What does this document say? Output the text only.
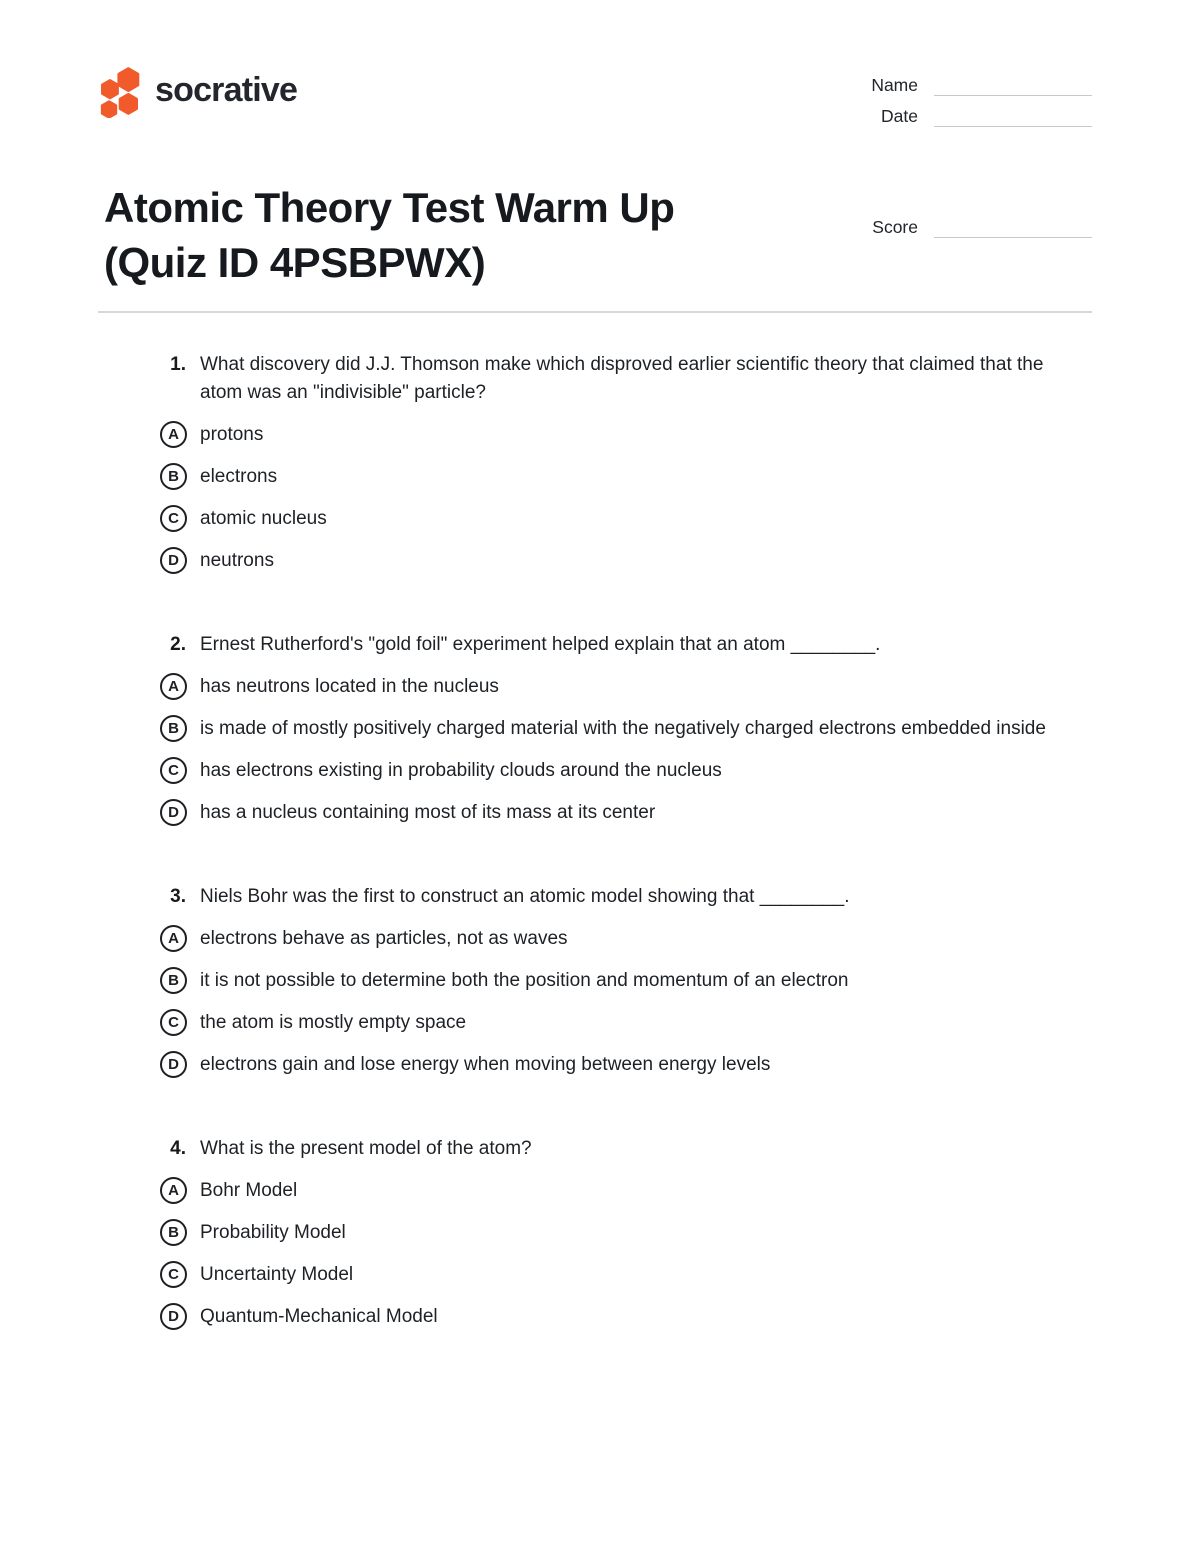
socrative	Name
Date
Atomic Theory Test Warm Up
(Quiz ID 4PSBPWX)
Score
1. What discovery did J.J. Thomson make which disproved earlier scientific theory that claimed that the atom was an "indivisible" particle?
A	protons
B	electrons
C	atomic nucleus
D	neutrons
2. Ernest Rutherford's "gold foil" experiment helped explain that an atom ________.
A	has neutrons located in the nucleus
B	is made of mostly positively charged material with the negatively charged electrons embedded inside
C	has electrons existing in probability clouds around the nucleus
D	has a nucleus containing most of its mass at its center
3. Niels Bohr was the first to construct an atomic model showing that ________.
A	electrons behave as particles, not as waves
B	it is not possible to determine both the position and momentum of an electron
C	the atom is mostly empty space
D	electrons gain and lose energy when moving between energy levels
4. What is the present model of the atom?
A	Bohr Model
B	Probability Model
C	Uncertainty Model
D	Quantum-Mechanical Model
